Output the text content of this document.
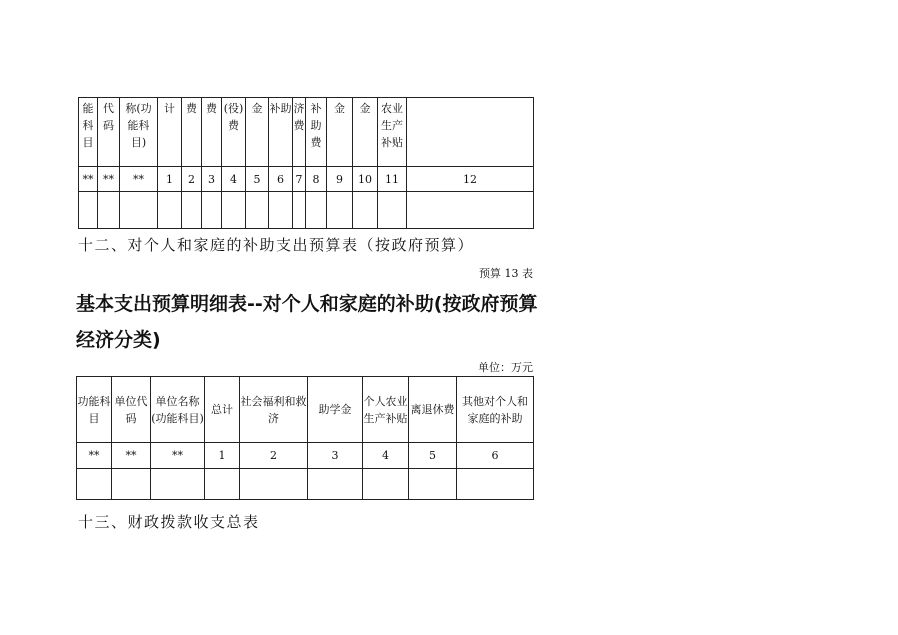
能科目	代码	称(功能科目)	计	费	费	(役)费	金	补助	济费	补助费	金	金	农业生产补贴	
**	**	**	1	2	3	4	5	6	7	8	9	10	11	12

十二、对个人和家庭的补助支出预算表（按政府预算）
预算 13 表
基本支出预算明细表--对个人和家庭的补助(按政府预算经济分类)
单位：万元
功能科目	单位代码	单位名称(功能科目)	总计	社会福利和救济	助学金	个人农业生产补贴	离退休费	其他对个人和家庭的补助
**	**	**	1	2	3	4	5	6

十三、财政拨款收支总表
